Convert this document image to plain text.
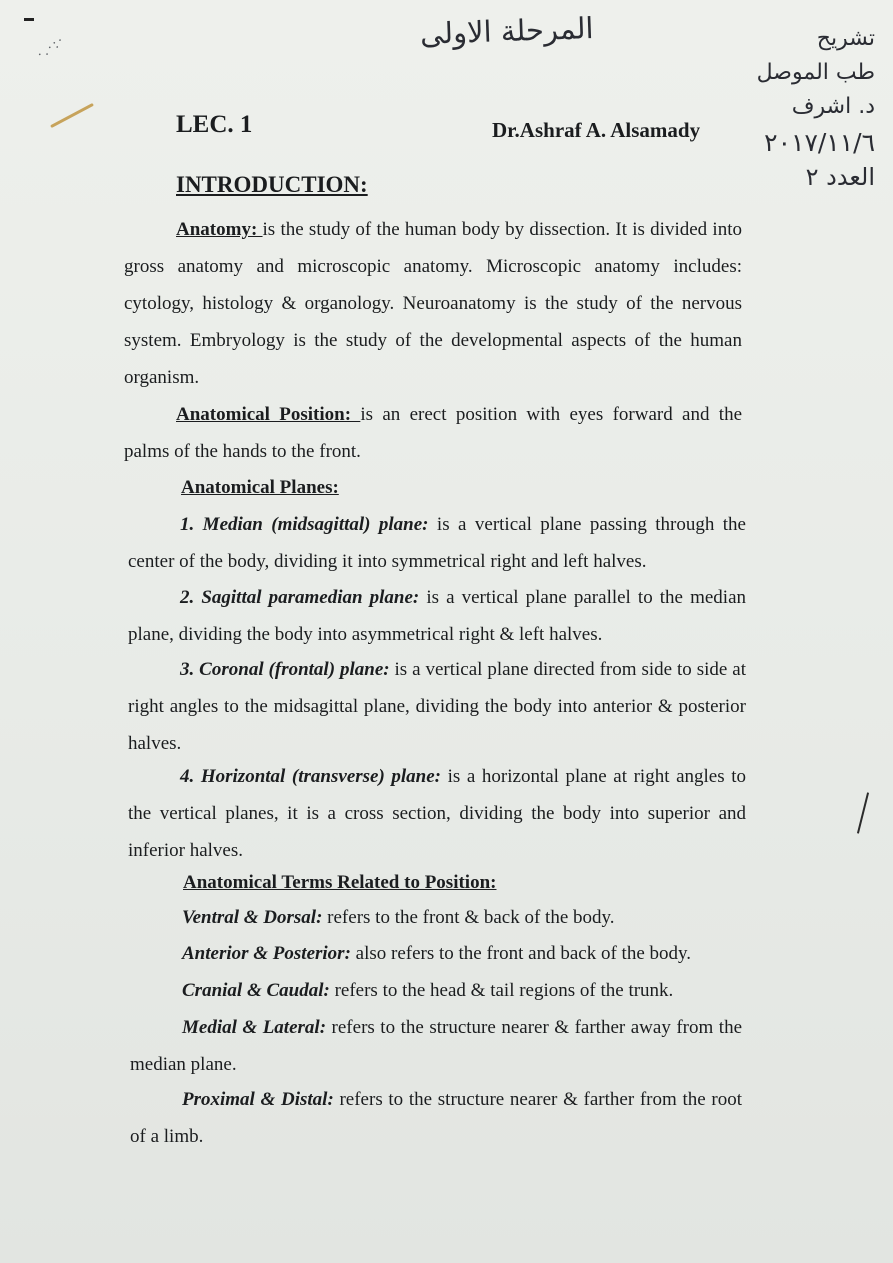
·.·:·	المرحلة الاولى	تشريح
طب الموصل
د. اشرف
٢٠١٧/١١/٦
العدد ٢
LEC. 1	Dr.Ashraf A. Alsamady
INTRODUCTION:
Anatomy: is the study of the human body by dissection. It is divided into gross anatomy and microscopic anatomy. Microscopic anatomy includes: cytology, histology & organology. Neuroanatomy is the study of the nervous system. Embryology is the study of the developmental aspects of the human organism.
Anatomical Position: is an erect position with eyes forward and the palms of the hands to the front.
Anatomical Planes:
1. Median (midsagittal) plane: is a vertical plane passing through the center of the body, dividing it into symmetrical right and left halves.
2. Sagittal paramedian plane: is a vertical plane parallel to the median plane, dividing the body into asymmetrical right & left halves.
3. Coronal (frontal) plane: is a vertical plane directed from side to side at right angles to the midsagittal plane, dividing the body into anterior & posterior halves.
4. Horizontal (transverse) plane: is a horizontal plane at right angles to the vertical planes, it is a cross section, dividing the body into superior and inferior halves.
Anatomical Terms Related to Position:
Ventral & Dorsal: refers to the front & back of the body.
Anterior & Posterior: also refers to the front and back of the body.
Cranial & Caudal: refers to the head & tail regions of the trunk.
Medial & Lateral: refers to the structure nearer & farther away from the median plane.
Proximal & Distal: refers to the structure nearer & farther from the root of a limb.
